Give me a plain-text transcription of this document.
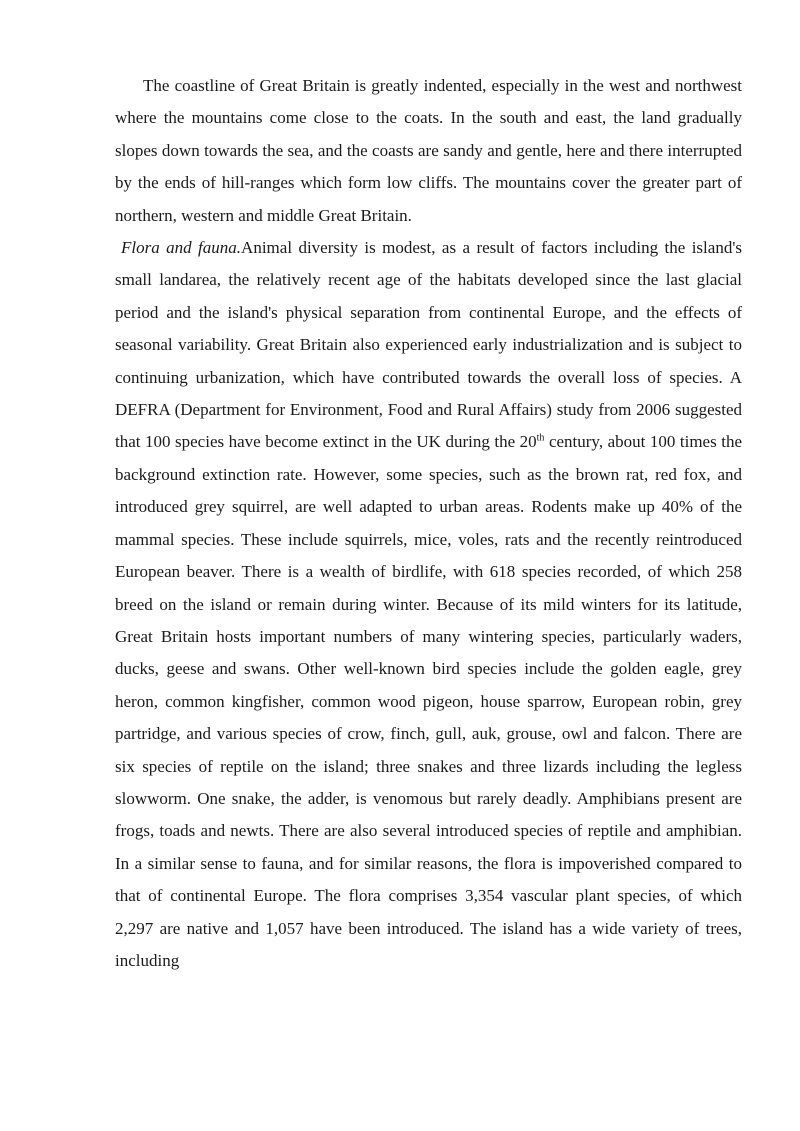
The coastline of Great Britain is greatly indented, especially in the west and northwest where the mountains come close to the coats. In the south and east, the land gradually slopes down towards the sea, and the coasts are sandy and gentle, here and there interrupted by the ends of hill-ranges which form low cliffs. The mountains cover the greater part of northern, western and middle Great Britain.

Flora and fauna.Animal diversity is modest, as a result of factors including the island's small landarea, the relatively recent age of the habitats developed since the last glacial period and the island's physical separation from continental Europe, and the effects of seasonal variability. Great Britain also experienced early industrialization and is subject to continuing urbanization, which have contributed towards the overall loss of species. A DEFRA (Department for Environment, Food and Rural Affairs) study from 2006 suggested that 100 species have become extinct in the UK during the 20th century, about 100 times the background extinction rate. However, some species, such as the brown rat, red fox, and introduced grey squirrel, are well adapted to urban areas. Rodents make up 40% of the mammal species. These include squirrels, mice, voles, rats and the recently reintroduced European beaver. There is a wealth of birdlife, with 618 species recorded, of which 258 breed on the island or remain during winter. Because of its mild winters for its latitude, Great Britain hosts important numbers of many wintering species, particularly waders, ducks, geese and swans. Other well-known bird species include the golden eagle, grey heron, common kingfisher, common wood pigeon, house sparrow, European robin, grey partridge, and various species of crow, finch, gull, auk, grouse, owl and falcon. There are six species of reptile on the island; three snakes and three lizards including the legless slowworm. One snake, the adder, is venomous but rarely deadly. Amphibians present are frogs, toads and newts. There are also several introduced species of reptile and amphibian. In a similar sense to fauna, and for similar reasons, the flora is impoverished compared to that of continental Europe. The flora comprises 3,354 vascular plant species, of which 2,297 are native and 1,057 have been introduced. The island has a wide variety of trees, including
